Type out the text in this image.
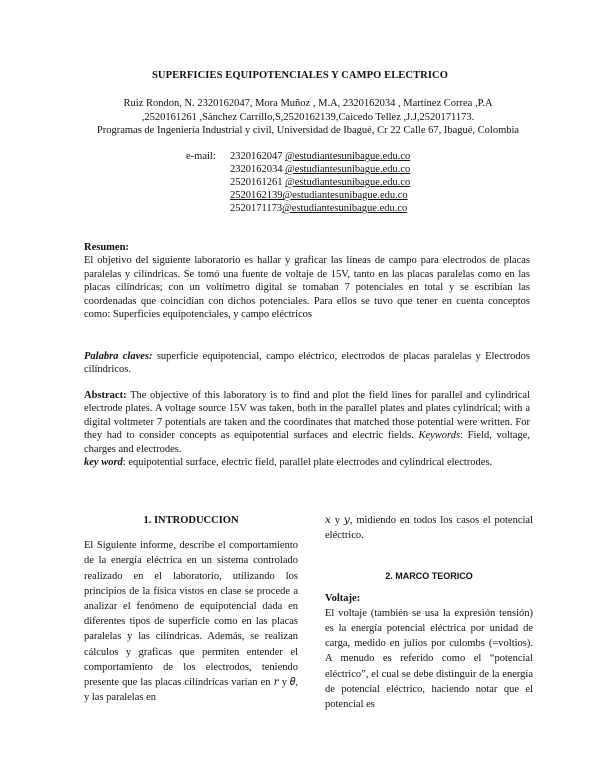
SUPERFICIES EQUIPOTENCIALES Y CAMPO ELECTRICO
Ruiz Rondon, N. 2320162047, Mora Muñoz , M.A, 2320162034 , Martínez Correa ,P.A
,2520161261 ,Sánchez Carrillo,S,2520162139,Caicedo Tellez ,J.J,2520171173.
Programas de Ingeniería Industrial y civil, Universidad de Ibagué, Cr 22 Calle 67, Ibagué, Colombia
e-mail: 2320162047 @estudiantesunibague.edu.co
2320162034 @estudiantesunibague.edu.co
2520161261 @estudiantesunibague.edu.co
2520162139@estudiantesunibague.edu.co
2520171173@estudiantesunibague.edu.co
Resumen:
El objetivo del siguiente laboratorio es hallar y graficar las líneas de campo para electrodos de placas paralelas y cilíndricas. Se tomó una fuente de voltaje de 15V, tanto en las placas paralelas como en las placas cilíndricas; con un voltímetro digital se tomaban 7 potenciales en total y se escribían las coordenadas que coincidían con dichos potenciales. Para ellos se tuvo que tener en cuenta conceptos como: Superficies equipotenciales, y campo eléctricos
Palabra claves: superficie equipotencial, campo eléctrico, electrodos de placas paralelas y Electrodos cilíndricos.
Abstract: The objective of this laboratory is to find and plot the field lines for parallel and cylindrical electrode plates. A voltage source 15V was taken, both in the parallel plates and plates cylindrical; with a digital voltmeter 7 potentials are taken and the coordinates that matched those potential were written. For they had to consider concepts as equipotential surfaces and electric fields. Keywords: Field, voltage, charges and electrodes.
key word: equipotential surface, electric field, parallel plate electrodes and cylindrical electrodes.
1. INTRODUCCION
El Siguiente informe, describe el comportamiento de la energía eléctrica en un sistema controlado realizado en el laboratorio, utilizando los principios de la física vistos en clase se procede a analizar el fenómeno de equipotencial dada en diferentes tipos de superficie como en las placas paralelas y las cilíndricas. Además, se realizan cálculos y graficas que permiten entender el comportamiento de los electrodos, teniendo presente que las placas cilíndricas varían en 𝑟 y 𝜃, y las paralelas en
𝑥 y 𝑦, midiendo en todos los casos el potencial eléctrico.
2. MARCO TEORICO
Voltaje:
El voltaje (también se usa la expresión tensión) es la energía potencial eléctrica por unidad de carga, medido en julios por culombs (=voltios). A menudo es referido como el “potencial eléctrico”, el cual se debe distinguir de la energía de potencial eléctrico, haciendo notar que el potencial es
